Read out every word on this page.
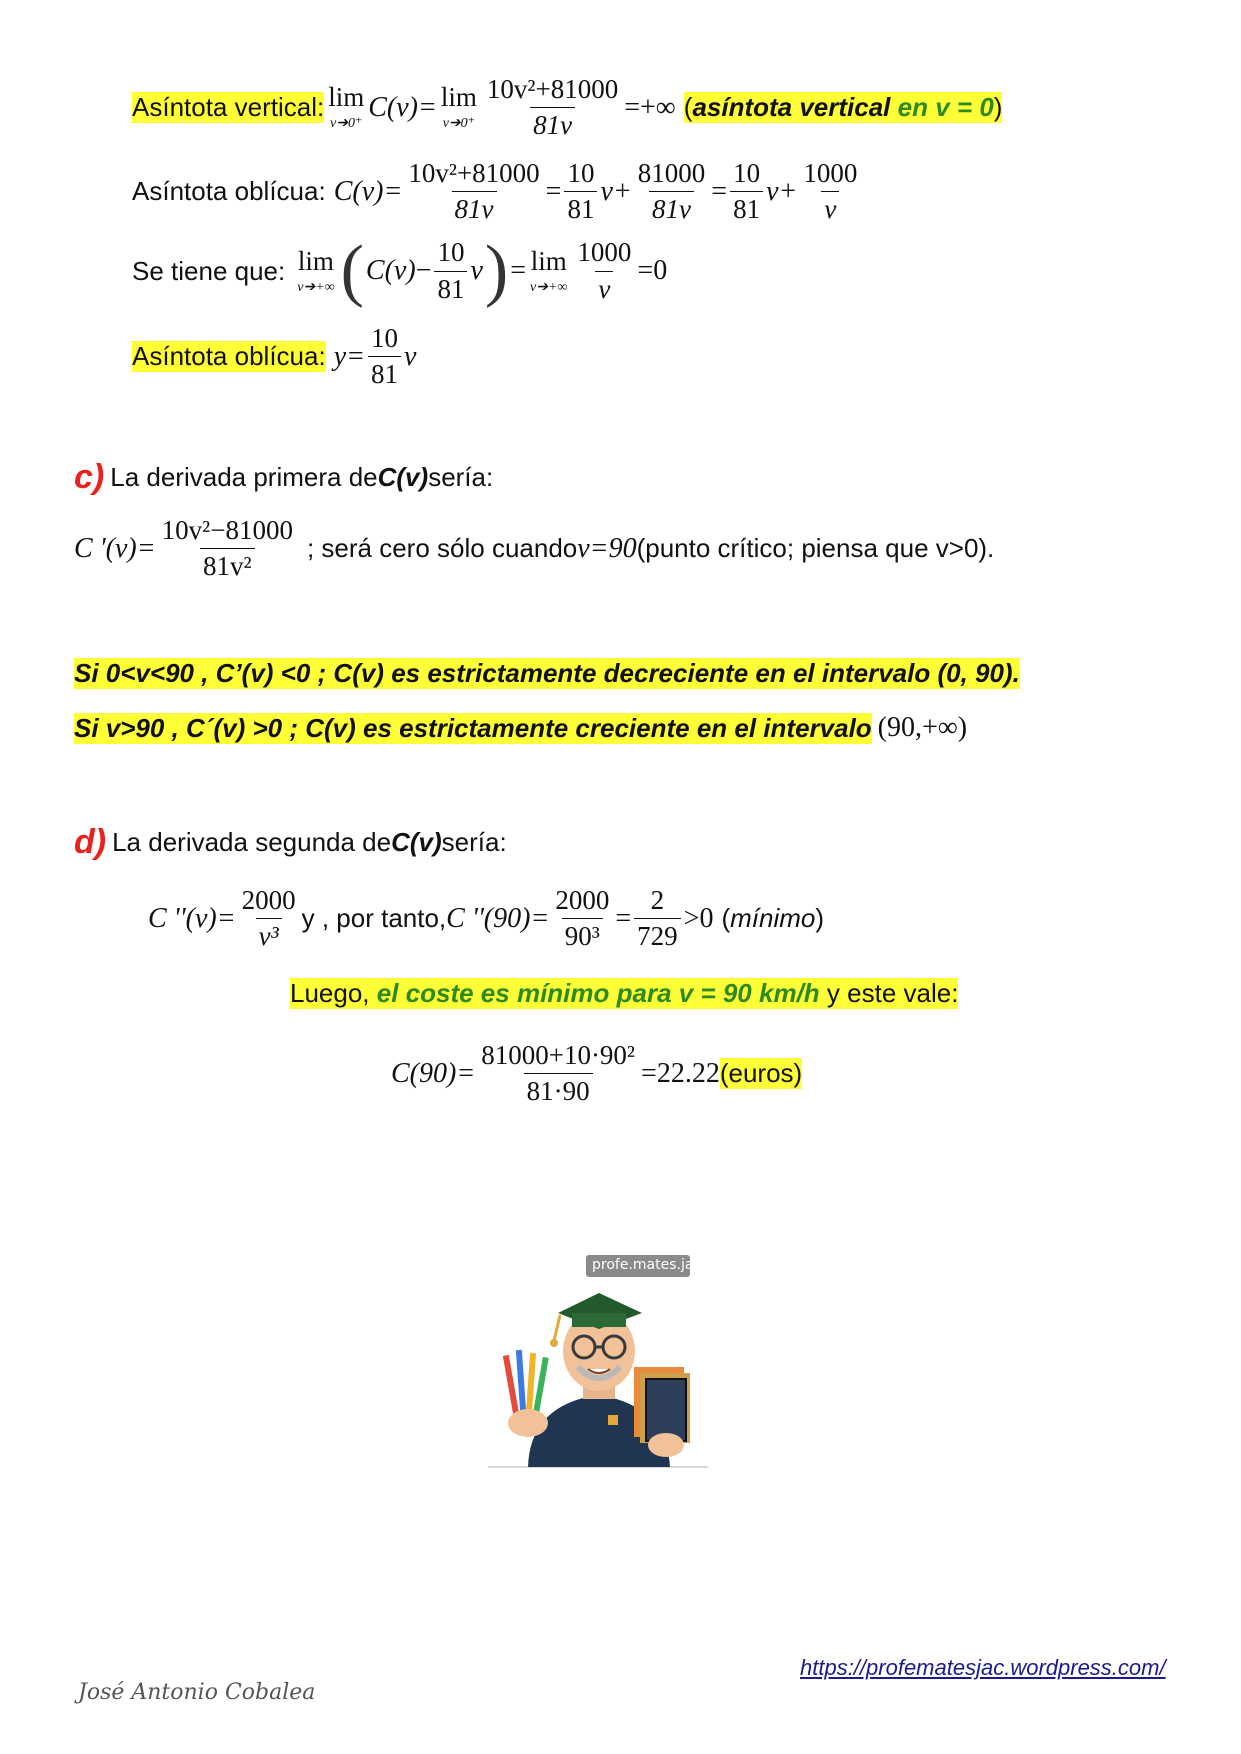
Asíntota vertical: lim
v➔0⁺
C(v)= lim
v➔0⁺ $\frac{\text{10v²+81000}}{81v}$ =+∞ (asíntota vertical en v = 0)
Asíntota oblícua: $C(v)= \frac{\text{10v²+81000}}{81v} = \frac{10}{81} v+ \frac{81000}{81v} = \frac{10}{81} v+ \frac{1000}{v}$
Se tiene que: lim
v➔+∞ ( $C(v) - \frac{10}{81}$ v ) = lim
v➔+∞ $\frac{1000}{v} =0$
Asíntota oblícua: $y= \frac{10}{81}$ v
c) La derivada primera de C(v) sería:
C '$(v)= \frac{\text{10v²−81000}}{\text{81v²}}$ ; será cero sólo cuando v=90 (punto crítico; piensa que v>0).
Si 0<v<90 , C’(v) <0 ; C(v) es estrictamente decreciente en el intervalo (0, 90).
Si v>90 , C´(v) >0 ; C(v) es estrictamente creciente en el intervalo (90,+∞)
d) La derivada segunda de C(v) sería:
C ''$(v)= \frac{2000}{\text{v³}}$ y , por tanto, C ''$(90)= \frac{2000}{\text{90³}} = \frac{2}{729} >0$ (mínimo)
Luego, el coste es mínimo para v = 90 km/h y este vale:
$C(90)= \frac{\text{81000+10·90²}}{81\cdot 90} =22.22$ (euros)
profe.mates.jac
https://profematesjac.wordpress.com/
José Antonio Cobalea
